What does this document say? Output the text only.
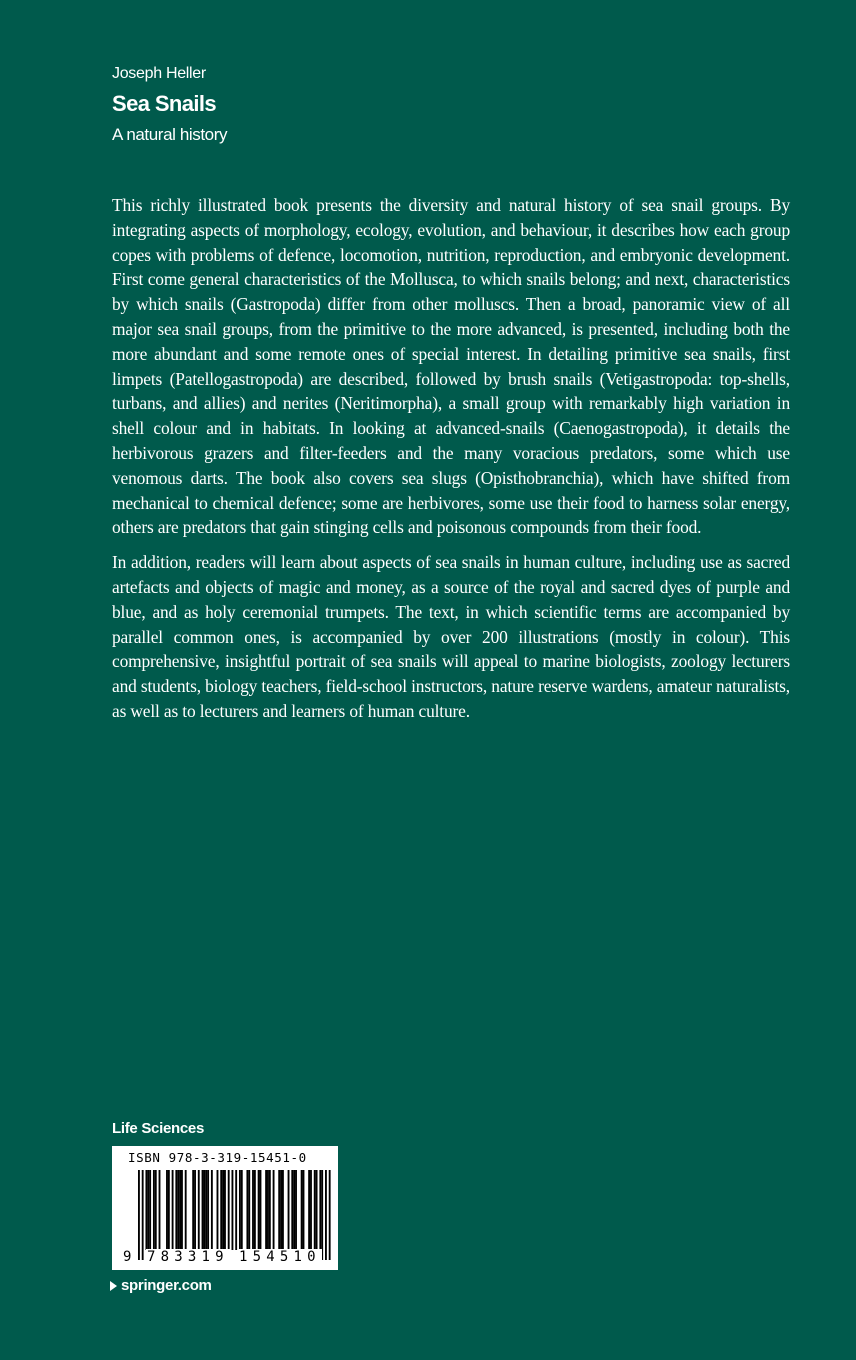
Joseph Heller
Sea Snails
A natural history

This richly illustrated book presents the diversity and natural history of sea snail groups. By integrating aspects of morphology, ecology, evolution, and behaviour, it describes how each group copes with problems of defence, locomotion, nutrition, reproduction, and embryonic development. First come general characteristics of the Mollusca, to which snails belong; and next, characteristics by which snails (Gastropoda) differ from other molluscs. Then a broad, panoramic view of all major sea snail groups, from the primitive to the more advanced, is presented, including both the more abundant and some remote ones of special interest. In detailing primitive sea snails, first limpets (Patellogastropoda) are described, followed by brush snails (Vetigastropoda: top-shells, turbans, and allies) and nerites (Neritimorpha), a small group with remarkably high variation in shell colour and in habitats. In looking at advanced-snails (Caenogastropoda), it details the herbivorous grazers and filter-feeders and the many voracious predators, some which use venomous darts. The book also covers sea slugs (Opisthobranchia), which have shifted from mechanical to chemical defence; some are herbivores, some use their food to harness solar energy, others are predators that gain stinging cells and poisonous compounds from their food.

In addition, readers will learn about aspects of sea snails in human culture, including use as sacred artefacts and objects of magic and money, as a source of the royal and sacred dyes of purple and blue, and as holy ceremonial trumpets. The text, in which scientific terms are accompanied by parallel common ones, is accompanied by over 200 illustrations (mostly in colour). This comprehensive, insightful portrait of sea snails will appeal to marine biologists, zoology lecturers and students, biology teachers, field-school instructors, nature reserve wardens, amateur naturalists, as well as to lecturers and learners of human culture.

Life Sciences
ISBN 978-3-319-15451-0
9 783319 154510
springer.com
